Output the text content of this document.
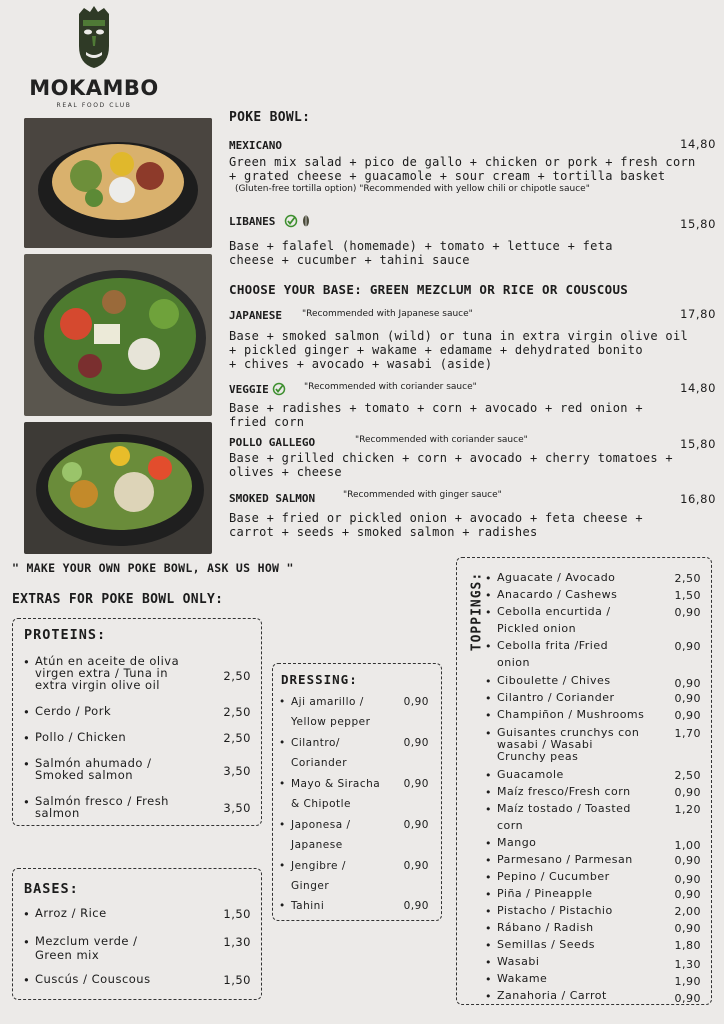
MOKAMBO
REAL FOOD CLUB
POKE BOWL:
MEXICANO	14,80
Green mix salad + pico de gallo + chicken or pork + fresh corn
+ grated cheese + guacamole + sour cream + tortilla basket
(Gluten-free tortilla option) "Recommended with yellow chili or chipotle sauce"
LIBANES	15,80
Base + falafel (homemade) + tomato + lettuce + feta
cheese + cucumber + tahini sauce
CHOOSE YOUR BASE: GREEN MEZCLUM OR RICE OR COUSCOUS
JAPANESE "Recommended with Japanese sauce"	17,80
Base + smoked salmon (wild) or tuna in extra virgin olive oil
+ pickled ginger + wakame + edamame + dehydrated bonito
+ chives + avocado + wasabi (aside)
VEGGIE	"Recommended with coriander sauce"	14,80
Base + radishes + tomato + corn + avocado + red onion +
fried corn
POLLO GALLEGO	"Recommended with coriander sauce"	15,80
Base + grilled chicken + corn + avocado + cherry tomatoes +
olives + cheese
SMOKED SALMON	"Recommended with ginger sauce"	16,80
Base + fried or pickled onion + avocado + feta cheese +
carrot + seeds + smoked salmon + radishes
" MAKE YOUR OWN POKE BOWL, ASK US HOW "
EXTRAS FOR POKE BOWL ONLY:
PROTEINS:
• Atún en aceite de oliva
virgen extra / Tuna in
extra virgin olive oil
2,50
• Cerdo / Pork	2,50
• Pollo / Chicken	2,50
• Salmón ahumado /
Smoked salmon	3,50
• Salmón fresco / Fresh
salmon	3,50
BASES:
• Arroz / Rice	1,50
• Mezclum verde /
Green mix
1,30
• Cuscús / Couscous	1,50
DRESSING:
• Aji amarillo /
Yellow pepper
0,90
• Cilantro/
Coriander
0,90
• Mayo & Siracha
& Chipotle
0,90
• Japonesa /
Japanese
0,90
• Jengibre /
Ginger
0,90
• Tahini	0,90
TOPPINGS: • Aguacate / Avocado	2,50
• Anacardo / Cashews	1,50
• Cebolla encurtida /
Pickled onion
0,90
• Cebolla frita /Fried
onion
0,90
• Ciboulette / Chives	0,90
• Cilantro / Coriander	0,90
• Champiñon / Mushrooms	0,90
• Guisantes crunchys con
wasabi / Wasabi
Crunchy peas
1,70
• Guacamole	2,50
• Maíz fresco/Fresh corn	0,90
• Maíz tostado / Toasted
corn
1,20
• Mango	1,00
• Parmesano / Parmesan	0,90
• Pepino / Cucumber	0,90
• Piña / Pineapple	0,90
• Pistacho / Pistachio	2,00
• Rábano / Radish	0,90
• Semillas / Seeds	1,80
• Wasabi	1,30
• Wakame	1,90
• Zanahoria / Carrot	0,90
